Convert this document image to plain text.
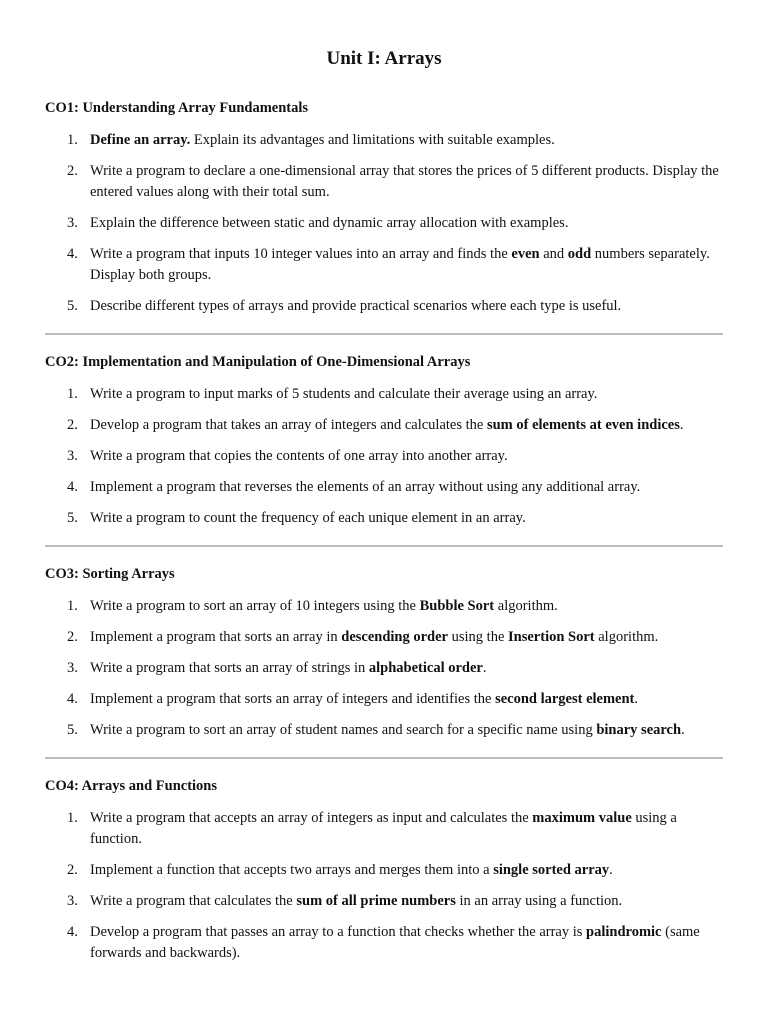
Unit I: Arrays
CO1: Understanding Array Fundamentals
1. Define an array. Explain its advantages and limitations with suitable examples.
2. Write a program to declare a one-dimensional array that stores the prices of 5 different products. Display the entered values along with their total sum.
3. Explain the difference between static and dynamic array allocation with examples.
4. Write a program that inputs 10 integer values into an array and finds the even and odd numbers separately. Display both groups.
5. Describe different types of arrays and provide practical scenarios where each type is useful.
CO2: Implementation and Manipulation of One-Dimensional Arrays
1. Write a program to input marks of 5 students and calculate their average using an array.
2. Develop a program that takes an array of integers and calculates the sum of elements at even indices.
3. Write a program that copies the contents of one array into another array.
4. Implement a program that reverses the elements of an array without using any additional array.
5. Write a program to count the frequency of each unique element in an array.
CO3: Sorting Arrays
1. Write a program to sort an array of 10 integers using the Bubble Sort algorithm.
2. Implement a program that sorts an array in descending order using the Insertion Sort algorithm.
3. Write a program that sorts an array of strings in alphabetical order.
4. Implement a program that sorts an array of integers and identifies the second largest element.
5. Write a program to sort an array of student names and search for a specific name using binary search.
CO4: Arrays and Functions
1. Write a program that accepts an array of integers as input and calculates the maximum value using a function.
2. Implement a function that accepts two arrays and merges them into a single sorted array.
3. Write a program that calculates the sum of all prime numbers in an array using a function.
4. Develop a program that passes an array to a function that checks whether the array is palindromic (same forwards and backwards).
